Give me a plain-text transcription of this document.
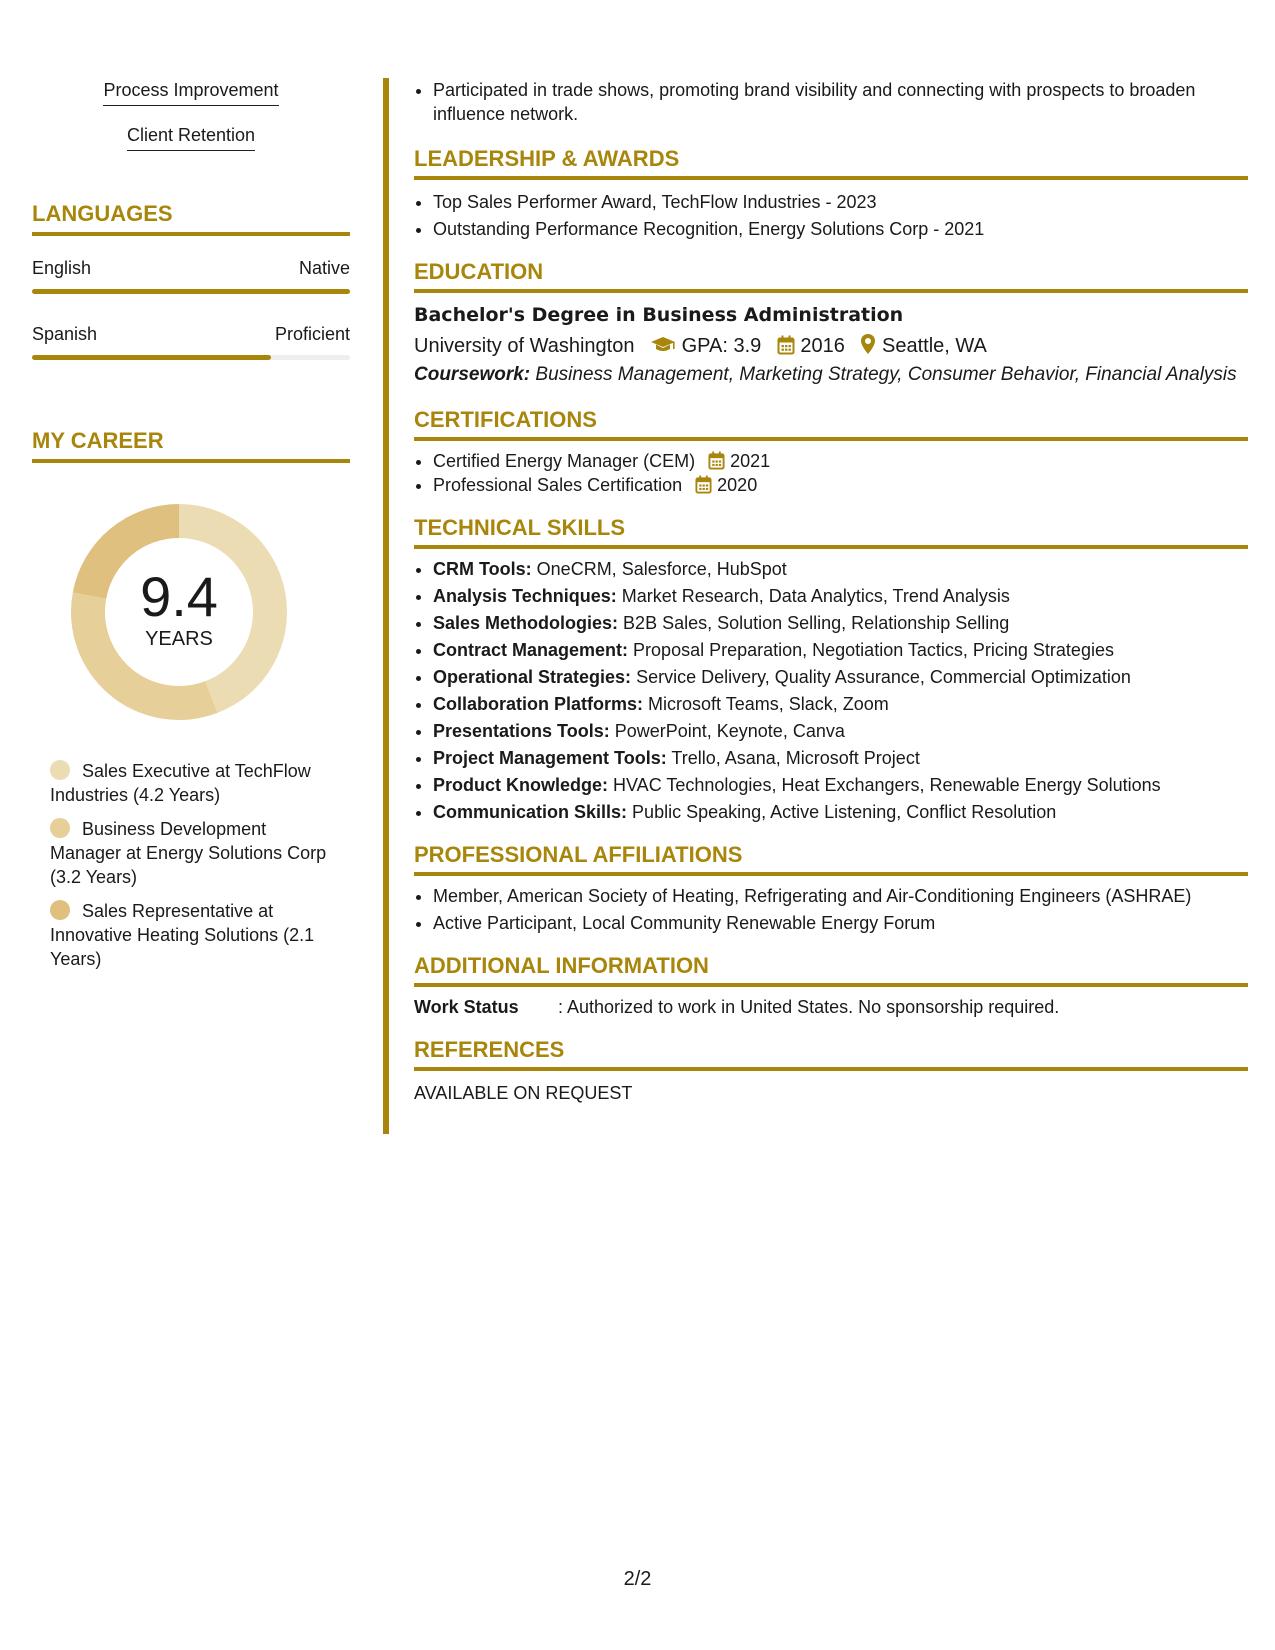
Process Improvement
Client Retention
LANGUAGES
English	Native
Spanish	Proficient
MY CAREER
9.4
YEARS
Sales Executive at TechFlow Industries (4.2 Years)
Business Development Manager at Energy Solutions Corp (3.2 Years)
Sales Representative at Innovative Heating Solutions (2.1 Years)
• Participated in trade shows, promoting brand visibility and connecting with prospects to broaden influence network.
LEADERSHIP & AWARDS
• Top Sales Performer Award, TechFlow Industries - 2023
• Outstanding Performance Recognition, Energy Solutions Corp - 2021
EDUCATION
Bachelor's Degree in Business Administration
University of Washington GPA: 3.9 2016 Seattle, WA
Coursework: Business Management, Marketing Strategy, Consumer Behavior, Financial Analysis
CERTIFICATIONS
• Certified Energy Manager (CEM) 2021
• Professional Sales Certification 2020
TECHNICAL SKILLS
• CRM Tools: OneCRM, Salesforce, HubSpot
• Analysis Techniques: Market Research, Data Analytics, Trend Analysis
• Sales Methodologies: B2B Sales, Solution Selling, Relationship Selling
• Contract Management: Proposal Preparation, Negotiation Tactics, Pricing Strategies
• Operational Strategies: Service Delivery, Quality Assurance, Commercial Optimization
• Collaboration Platforms: Microsoft Teams, Slack, Zoom
• Presentations Tools: PowerPoint, Keynote, Canva
• Project Management Tools: Trello, Asana, Microsoft Project
• Product Knowledge: HVAC Technologies, Heat Exchangers, Renewable Energy Solutions
• Communication Skills: Public Speaking, Active Listening, Conflict Resolution
PROFESSIONAL AFFILIATIONS
• Member, American Society of Heating, Refrigerating and Air-Conditioning Engineers (ASHRAE)
• Active Participant, Local Community Renewable Energy Forum
ADDITIONAL INFORMATION
Work Status	: Authorized to work in United States. No sponsorship required.
REFERENCES
AVAILABLE ON REQUEST
2/2
